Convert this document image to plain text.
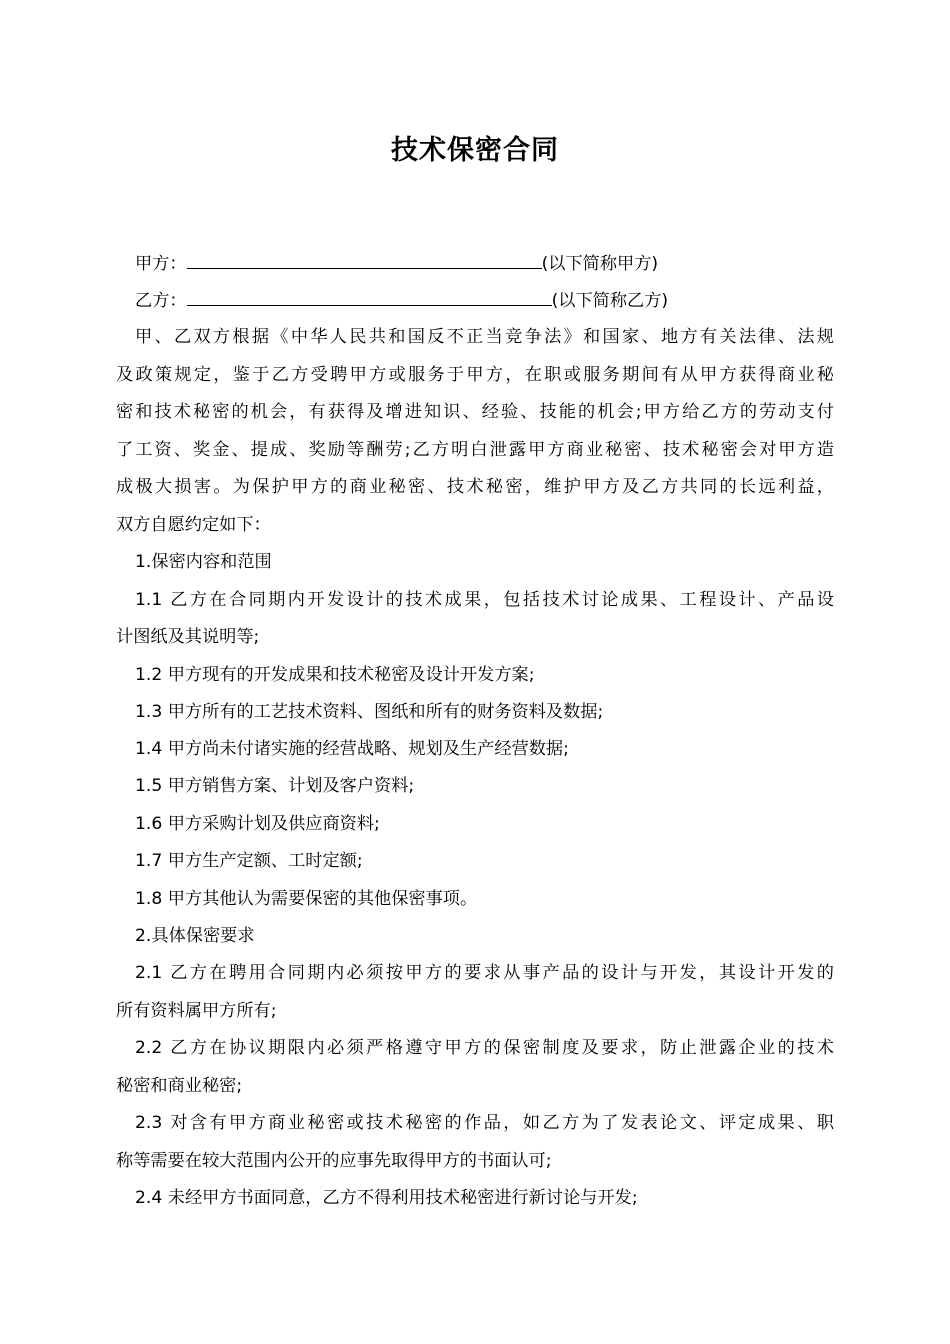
技术保密合同
甲方：	(以下简称甲方)
乙方：	(以下简称乙方)
甲、乙双方根据《中华人民共和国反不正当竞争法》和国家、地方有关法律、法规
及政策规定，鉴于乙方受聘甲方或服务于甲方，在职或服务期间有从甲方获得商业秘
密和技术秘密的机会，有获得及增进知识、经验、技能的机会;甲方给乙方的劳动支付
了工资、奖金、提成、奖励等酬劳;乙方明白泄露甲方商业秘密、技术秘密会对甲方造
成极大损害。为保护甲方的商业秘密、技术秘密，维护甲方及乙方共同的长远利益，
双方自愿约定如下：
1.保密内容和范围
1.1 乙方在合同期内开发设计的技术成果，包括技术讨论成果、工程设计、产品设
计图纸及其说明等;
1.2 甲方现有的开发成果和技术秘密及设计开发方案;
1.3 甲方所有的工艺技术资料、图纸和所有的财务资料及数据;
1.4 甲方尚未付诸实施的经营战略、规划及生产经营数据;
1.5 甲方销售方案、计划及客户资料;
1.6 甲方采购计划及供应商资料;
1.7 甲方生产定额、工时定额;
1.8 甲方其他认为需要保密的其他保密事项。
2.具体保密要求
2.1 乙方在聘用合同期内必须按甲方的要求从事产品的设计与开发，其设计开发的
所有资料属甲方所有;
2.2 乙方在协议期限内必须严格遵守甲方的保密制度及要求，防止泄露企业的技术
秘密和商业秘密;
2.3 对含有甲方商业秘密或技术秘密的作品，如乙方为了发表论文、评定成果、职
称等需要在较大范围内公开的应事先取得甲方的书面认可;
2.4 未经甲方书面同意，乙方不得利用技术秘密进行新讨论与开发;
